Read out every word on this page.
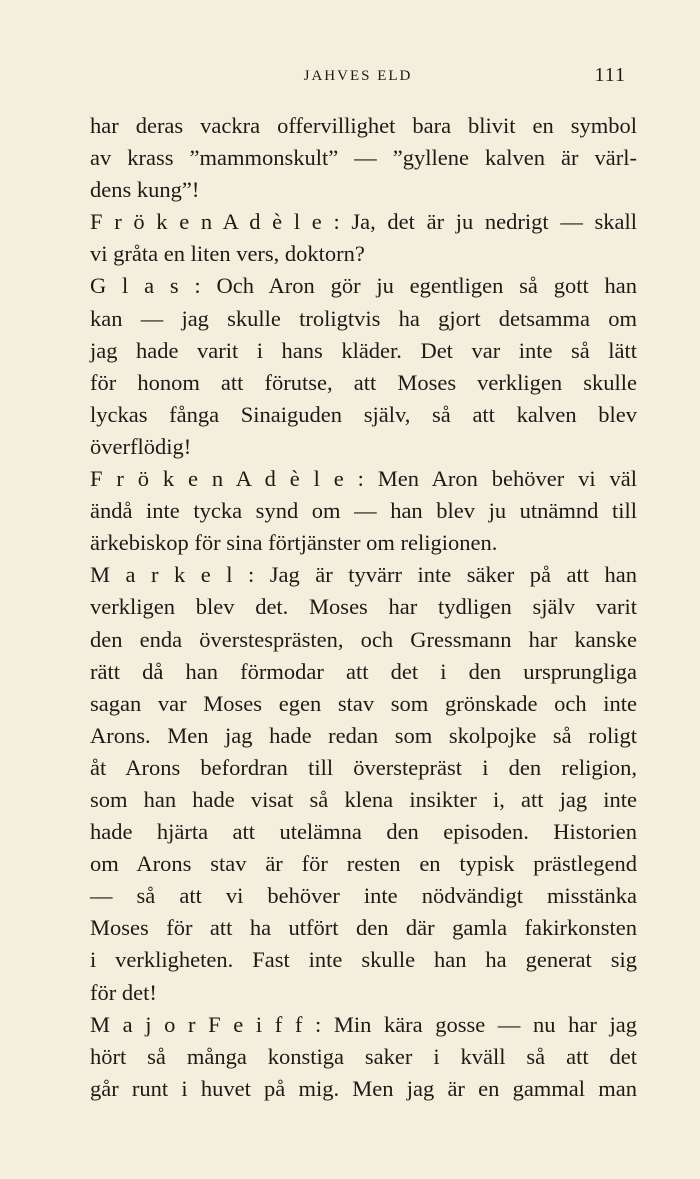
JAHVES ELD	111
har deras vackra offervillighet bara blivit en symbol
av krass ”mammonskult” — ”gyllene kalven är värl-
dens kung”!
F r ö k e n A d è l e : Ja, det är ju nedrigt — skall
vi gråta en liten vers, doktorn?
G l a s : Och Aron gör ju egentligen så gott han
kan — jag skulle troligtvis ha gjort detsamma om
jag hade varit i hans kläder. Det var inte så lätt
för honom att förutse, att Moses verkligen skulle
lyckas fånga Sinaiguden själv, så att kalven blev
överflödig!
F r ö k e n A d è l e : Men Aron behöver vi väl
ändå inte tycka synd om — han blev ju utnämnd till
ärkebiskop för sina förtjänster om religionen.
M a r k e l : Jag är tyvärr inte säker på att han
verkligen blev det. Moses har tydligen själv varit
den enda överstesprästen, och Gressmann har kanske
rätt då han förmodar att det i den ursprungliga
sagan var Moses egen stav som grönskade och inte
Arons. Men jag hade redan som skolpojke så roligt
åt Arons befordran till överstepräst i den religion,
som han hade visat så klena insikter i, att jag inte
hade hjärta att utelämna den episoden. Historien
om Arons stav är för resten en typisk prästlegend
— så att vi behöver inte nödvändigt misstänka
Moses för att ha utfört den där gamla fakirkonsten
i verkligheten. Fast inte skulle han ha generat sig
för det!
M a j o r F e i f f : Min kära gosse — nu har jag
hört så många konstiga saker i kväll så att det
går runt i huvet på mig. Men jag är en gammal man
